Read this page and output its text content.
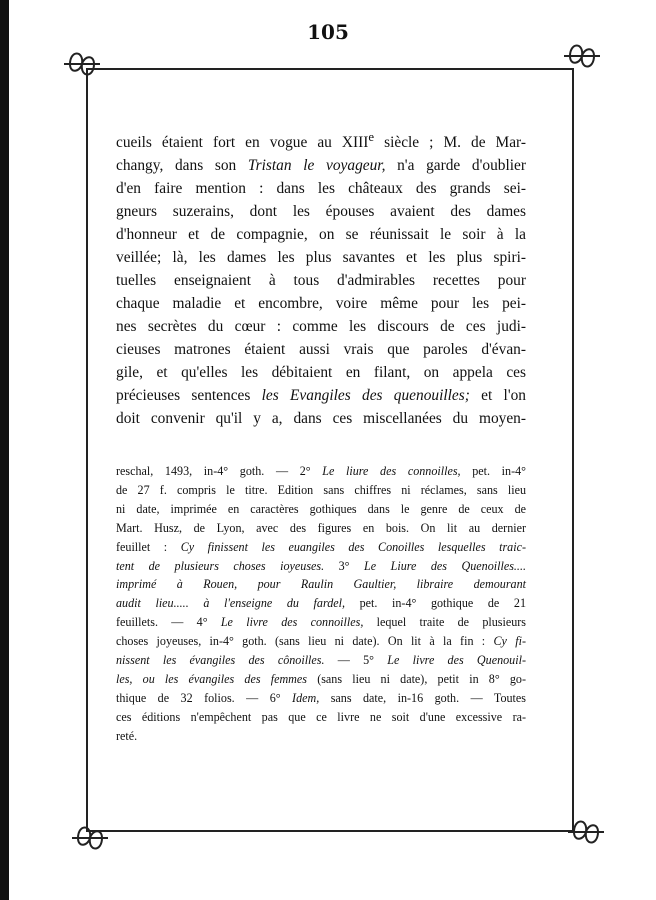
105
cueils étaient fort en vogue au XIIIe siècle ; M. de Mar-
changy, dans son Tristan le voyageur, n'a garde d'oublier
d'en faire mention : dans les châteaux des grands sei-
gneurs suzerains, dont les épouses avaient des dames
d'honneur et de compagnie, on se réunissait le soir à la
veillée; là, les dames les plus savantes et les plus spiri-
tuelles enseignaient à tous d'admirables recettes pour
chaque maladie et encombre, voire même pour les pei-
nes secrètes du cœur : comme les discours de ces judi-
cieuses matrones étaient aussi vrais que paroles d'évan-
gile, et qu'elles les débitaient en filant, on appela ces
précieuses sentences les Evangiles des quenouilles; et l'on
doit convenir qu'il y a, dans ces miscellanées du moyen-
reschal, 1493, in-4° goth. — 2° Le liure des connoilles, pet. in-4°
de 27 f. compris le titre. Edition sans chiffres ni réclames, sans lieu
ni date, imprimée en caractères gothiques dans le genre de ceux de
Mart. Husz, de Lyon, avec des figures en bois. On lit au dernier
feuillet : Cy finissent les euangiles des Conoilles lesquelles traic-
tent de plusieurs choses ioyeuses. 3° Le Liure des Quenoilles....
imprimé à Rouen, pour Raulin Gaultier, libraire demourant
audit lieu..... à l'enseigne du fardel, pet. in-4° gothique de 21
feuillets. — 4° Le livre des connoilles, lequel traite de plusieurs
choses joyeuses, in-4° goth. (sans lieu ni date). On lit à la fin : Cy fi-
nissent les évangiles des cônoilles. — 5° Le livre des Quenouil-
les, ou les évangiles des femmes (sans lieu ni date), petit in 8° go-
thique de 32 folios. — 6° Idem, sans date, in-16 goth. — Toutes
ces éditions n'empêchent pas que ce livre ne soit d'une excessive ra-
reté.
